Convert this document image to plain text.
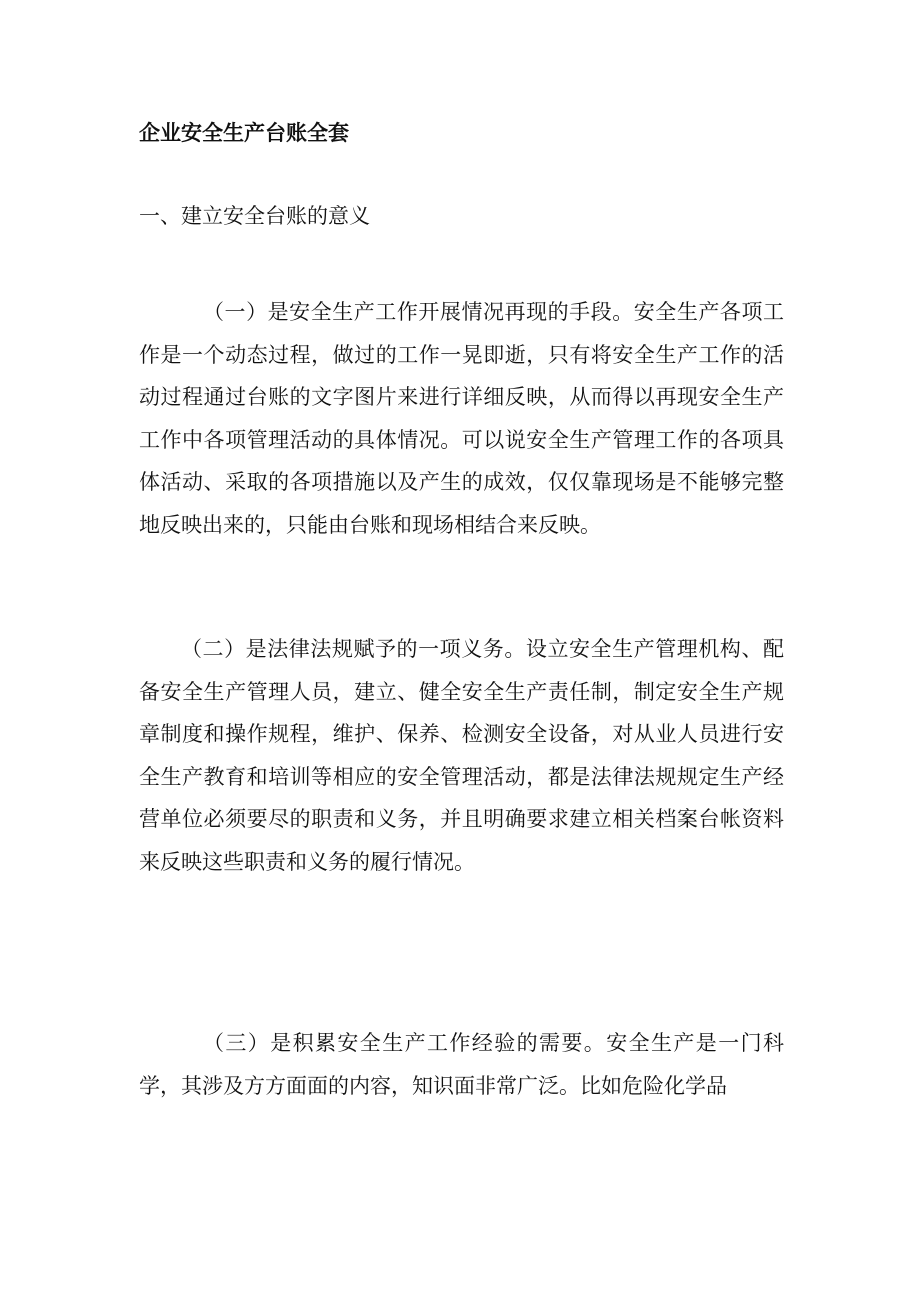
企业安全生产台账全套
一、建立安全台账的意义

（一）是安全生产工作开展情况再现的手段。安全生产各项工作是一个动态过程，做过的工作一晃即逝，只有将安全生产工作的活动过程通过台账的文字图片来进行详细反映，从而得以再现安全生产工作中各项管理活动的具体情况。可以说安全生产管理工作的各项具体活动、采取的各项措施以及产生的成效，仅仅靠现场是不能够完整地反映出来的，只能由台账和现场相结合来反映。

（二）是法律法规赋予的一项义务。设立安全生产管理机构、配备安全生产管理人员，建立、健全安全生产责任制，制定安全生产规章制度和操作规程，维护、保养、检测安全设备，对从业人员进行安全生产教育和培训等相应的安全管理活动，都是法律法规规定生产经营单位必须要尽的职责和义务，并且明确要求建立相关档案台帐资料来反映这些职责和义务的履行情况。

（三）是积累安全生产工作经验的需要。安全生产是一门科学，其涉及方方面面的内容，知识面非常广泛。比如危险化学品
